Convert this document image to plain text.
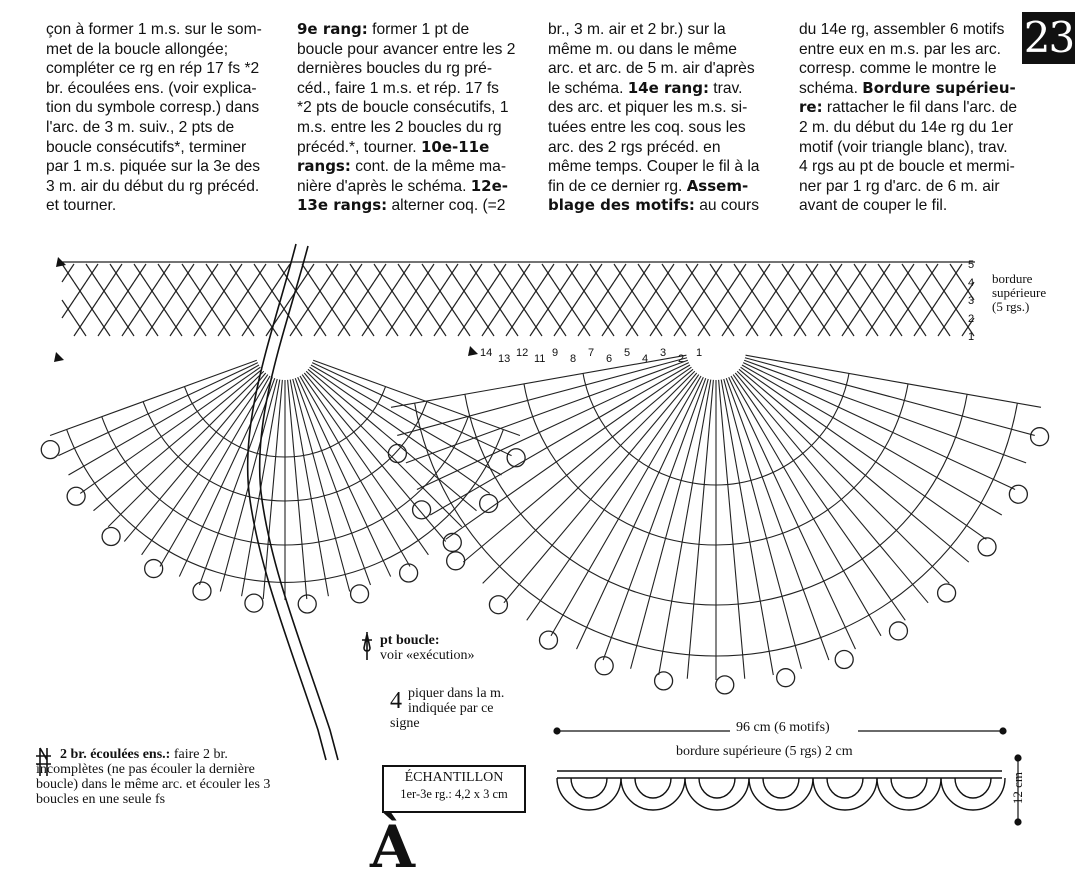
çon à former 1 m.s. sur le som-
met de la boucle allongée;
compléter ce rg en rép 17 fs *2
br. écoulées ens. (voir explica-
tion du symbole corresp.) dans
l'arc. de 3 m. suiv., 2 pts de
boucle consécutifs*, terminer
par 1 m.s. piquée sur la 3e des
3 m. air du début du rg précéd.
et tourner.
9e rang: former 1 pt de
boucle pour avancer entre les 2
dernières boucles du rg pré-
céd., faire 1 m.s. et rép. 17 fs
*2 pts de boucle consécutifs, 1
m.s. entre les 2 boucles du rg
précéd.*, tourner. 10e-11e
rangs: cont. de la même ma-
nière d'après le schéma. 12e-
13e rangs: alterner coq. (=2
br., 3 m. air et 2 br.) sur la
même m. ou dans le même
arc. et arc. de 5 m. air d'après
le schéma. 14e rang: trav.
des arc. et piquer les m.s. si-
tuées entre les coq. sous les
arc. des 2 rgs précéd. en
même temps. Couper le fil à la
fin de ce dernier rg. Assem-
blage des motifs: au cours
du 14e rg, assembler 6 motifs
entre eux en m.s. par les arc.
corresp. comme le montre le
schéma. Bordure supérieu-
re: rattacher le fil dans l'arc. de
2 m. du début du 14e rg du 1er
motif (voir triangle blanc), trav.
4 rgs au pt de boucle et mermi-
ner par 1 rg d'arc. de 6 m. air
avant de couper le fil.
23
5
4
3
2
1
14 13 12 11 9 8 7 6 5 4 3 2 1
bordure
supérieure
(5 rgs.)
pt boucle:
voir «exécution»
4 piquer dans la m.
indiquée par ce signe
2 br. écoulées ens.: faire 2 br. incomplètes (ne pas écouler la dernière boucle) dans le même arc. et écouler les 3 boucles en une seule fs
96 cm (6 motifs)
bordure supérieure (5 rgs) 2 cm
12 cm
ÉCHANTILLON
1er-3e rg.: 4,2 x 3 cm
À
